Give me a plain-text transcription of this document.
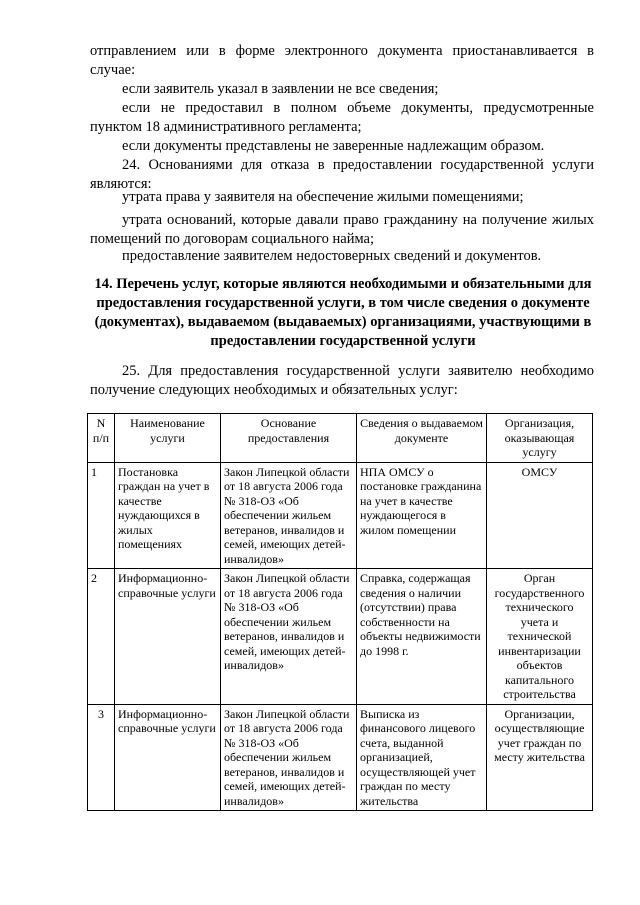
отправлением или в форме электронного документа приостанавливается в случае:

если заявитель указал в заявлении не все сведения;

если не предоставил в полном объеме документы, предусмотренные пунктом 18 административного регламента;

если документы представлены не заверенные надлежащим образом.

24. Основаниями для отказа в предоставлении государственной услуги являются:

утрата права у заявителя на обеспечение жилыми помещениями;

утрата оснований, которые давали право гражданину на получение жилых помещений по договорам социального найма;

предоставление заявителем недостоверных сведений и документов.

14. Перечень услуг, которые являются необходимыми и обязательными для предоставления государственной услуги, в том числе сведения о документе (документах), выдаваемом (выдаваемых) организациями, участвующими в предоставлении государственной услуги

25. Для предоставления государственной услуги заявителю необходимо получение следующих необходимых и обязательных услуг:

N п/п	Наименование услуги	Основание предоставления	Сведения о выдаваемом документе	Организация, оказывающая услугу
1	Постановка граждан на учет в качестве нуждающихся в жилых помещениях	Закон Липецкой области от 18 августа 2006 года № 318-ОЗ «Об обеспечении жильем ветеранов, инвалидов и семей, имеющих детей-инвалидов»	НПА ОМСУ о постановке гражданина на учет в качестве нуждающегося в жилом помещении	ОМСУ
2	Информационно-справочные услуги	Закон Липецкой области от 18 августа 2006 года № 318-ОЗ «Об обеспечении жильем ветеранов, инвалидов и семей, имеющих детей-инвалидов»	Справка, содержащая сведения о наличии (отсутствии) права собственности на объекты недвижимости до 1998 г.	Орган государственного технического учета и технической инвентаризации объектов капитального строительства
3	Информационно-справочные услуги	Закон Липецкой области от 18 августа 2006 года № 318-ОЗ «Об обеспечении жильем ветеранов, инвалидов и семей, имеющих детей-инвалидов»	Выписка из финансового лицевого счета, выданной организацией, осуществляющей учет граждан по месту жительства	Организации, осуществляющие учет граждан по месту жительства
